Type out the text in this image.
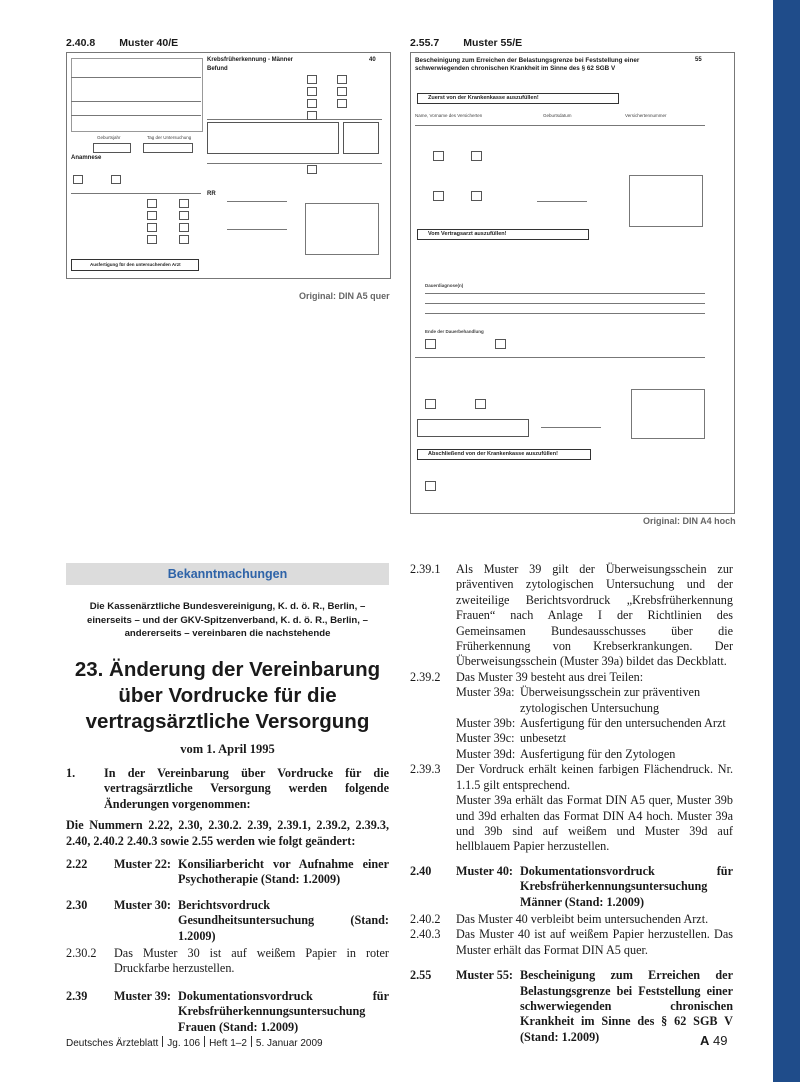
2.40.8 Muster 40/E	2.55.7 Muster 55/E
Geburtsjahr	Tag der Untersuchung
Anamnese
Ausfertigung für den untersuchenden Arzt
Krebsfrüherkennung - Männer	40
Befund
RR
Original: DIN A5 quer
Bescheinigung zum Erreichen der Belastungsgrenze bei Feststellung einer schwerwiegenden chronischen Krankheit im Sinne des § 62 SGB V
55
Zuerst von der Krankenkasse auszufüllen!
Name, Vorname des Versicherten	Geburtsdatum	Versichertennummer
Vom Vertragsarzt auszufüllen!
Dauerdiagnose(n)
Ende der Dauerbehandlung
Abschließend von der Krankenkasse auszufüllen!
Original: DIN A4 hoch
Bekanntmachungen
Die Kassenärztliche Bundesvereinigung, K. d. ö. R., Berlin, – einerseits – und der GKV-Spitzenverband, K. d. ö. R., Berlin, – andererseits – vereinbaren die nachstehende
23. Änderung der Vereinbarung über Vordrucke für die vertragsärztliche Versorgung
vom 1. April 1995
1.	In der Vereinbarung über Vordrucke für die vertragsärztliche Versorgung werden folgende Änderungen vorgenommen:
Die Nummern 2.22, 2.30, 2.30.2. 2.39, 2.39.1, 2.39.2, 2.39.3, 2.40, 2.40.2 2.40.3 sowie 2.55 werden wie folgt geändert:
2.22	Muster 22: Konsiliarbericht vor Aufnahme einer Psychotherapie (Stand: 1.2009)
2.30	Muster 30: Berichtsvordruck Gesundheitsuntersuchung (Stand: 1.2009)
2.30.2	Das Muster 30 ist auf weißem Papier in roter Druckfarbe herzustellen.
2.39	Muster 39: Dokumentationsvordruck für Krebsfrüherkennungsuntersuchung Frauen (Stand: 1.2009)
2.39.1	Als Muster 39 gilt der Überweisungsschein zur präventiven zytologischen Untersuchung und der zweiteilige Berichtsvordruck „Krebsfrüherkennung Frauen“ nach Anlage I der Richtlinien des Gemeinsamen Bundesausschusses über die Früherkennung von Krebserkrankungen. Der Überweisungsschein (Muster 39a) bildet das Deckblatt.
2.39.2	Das Muster 39 besteht aus drei Teilen:
Muster 39a: Überweisungsschein zur präventiven zytologischen Untersuchung
Muster 39b: Ausfertigung für den untersuchenden Arzt
Muster 39c: unbesetzt
Muster 39d: Ausfertigung für den Zytologen
2.39.3	Der Vordruck erhält keinen farbigen Flächendruck. Nr. 1.1.5 gilt entsprechend.
Muster 39a erhält das Format DIN A5 quer, Muster 39b und 39d erhalten das Format DIN A4 hoch. Muster 39a und 39b sind auf weißem und Muster 39d auf hellblauem Papier herzustellen.
2.40	Muster 40: Dokumentationsvordruck für Krebsfrüherkennungsuntersuchung Männer (Stand: 1.2009)
2.40.2	Das Muster 40 verbleibt beim untersuchenden Arzt.
2.40.3	Das Muster 40 ist auf weißem Papier herzustellen. Das Muster erhält das Format DIN A5 quer.
2.55	Muster 55: Bescheinigung zum Erreichen der Belastungsgrenze bei Feststellung einer schwerwiegenden chronischen Krankheit im Sinne des § 62 SGB V (Stand: 1.2009)
Deutsches Ärzteblatt Jg. 106 Heft 1–2 5. Januar 2009	A 49
